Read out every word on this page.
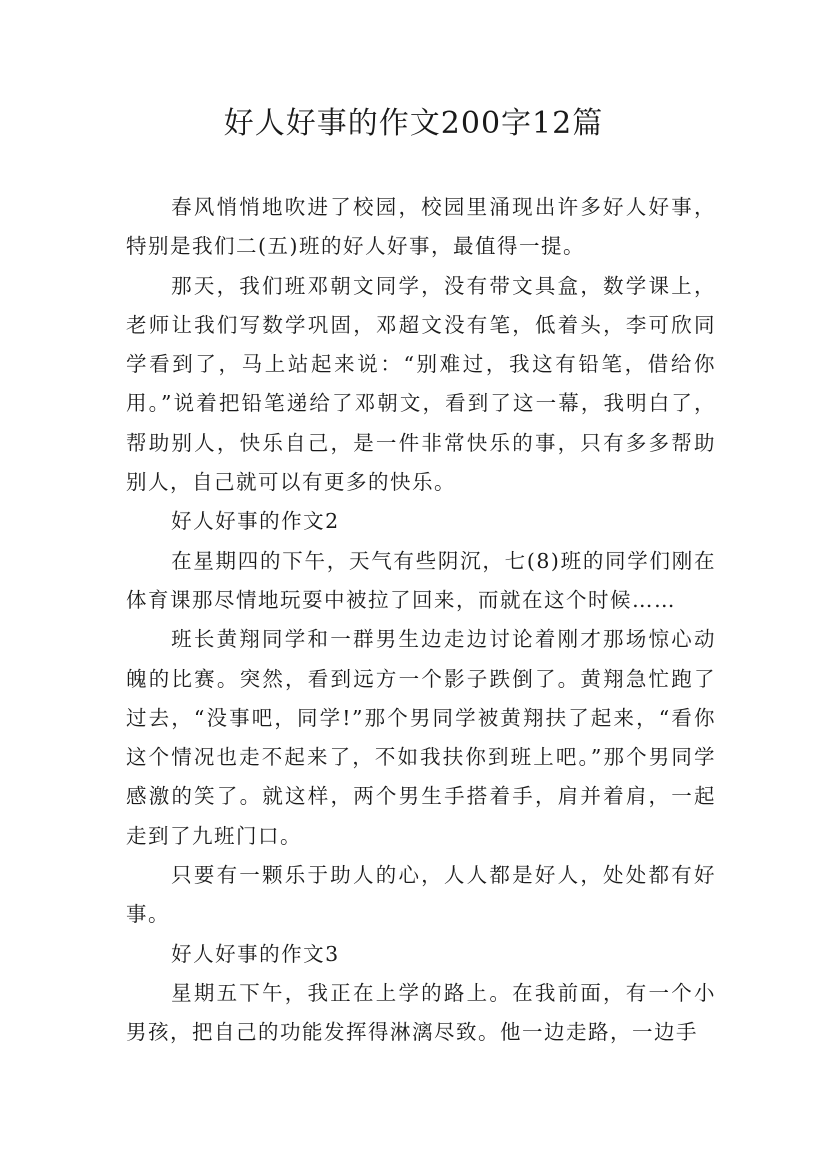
好人好事的作文200字12篇

春风悄悄地吹进了校园，校园里涌现出许多好人好事，特别是我们二(五)班的好人好事，最值得一提。

那天，我们班邓朝文同学，没有带文具盒，数学课上，老师让我们写数学巩固，邓超文没有笔，低着头，李可欣同学看到了，马上站起来说：“别难过，我这有铅笔，借给你用。”说着把铅笔递给了邓朝文，看到了这一幕，我明白了，帮助别人，快乐自己，是一件非常快乐的事，只有多多帮助别人，自己就可以有更多的快乐。

好人好事的作文2

在星期四的下午，天气有些阴沉，七(8)班的同学们刚在体育课那尽情地玩耍中被拉了回来，而就在这个时候……

班长黄翔同学和一群男生边走边讨论着刚才那场惊心动魄的比赛。突然，看到远方一个影子跌倒了。黄翔急忙跑了过去，“没事吧，同学!”那个男同学被黄翔扶了起来，“看你这个情况也走不起来了，不如我扶你到班上吧。”那个男同学感激的笑了。就这样，两个男生手搭着手，肩并着肩，一起走到了九班门口。

只要有一颗乐于助人的心，人人都是好人，处处都有好事。

好人好事的作文3

星期五下午，我正在上学的路上。在我前面，有一个小男孩，把自己的功能发挥得淋漓尽致。他一边走路，一边手
